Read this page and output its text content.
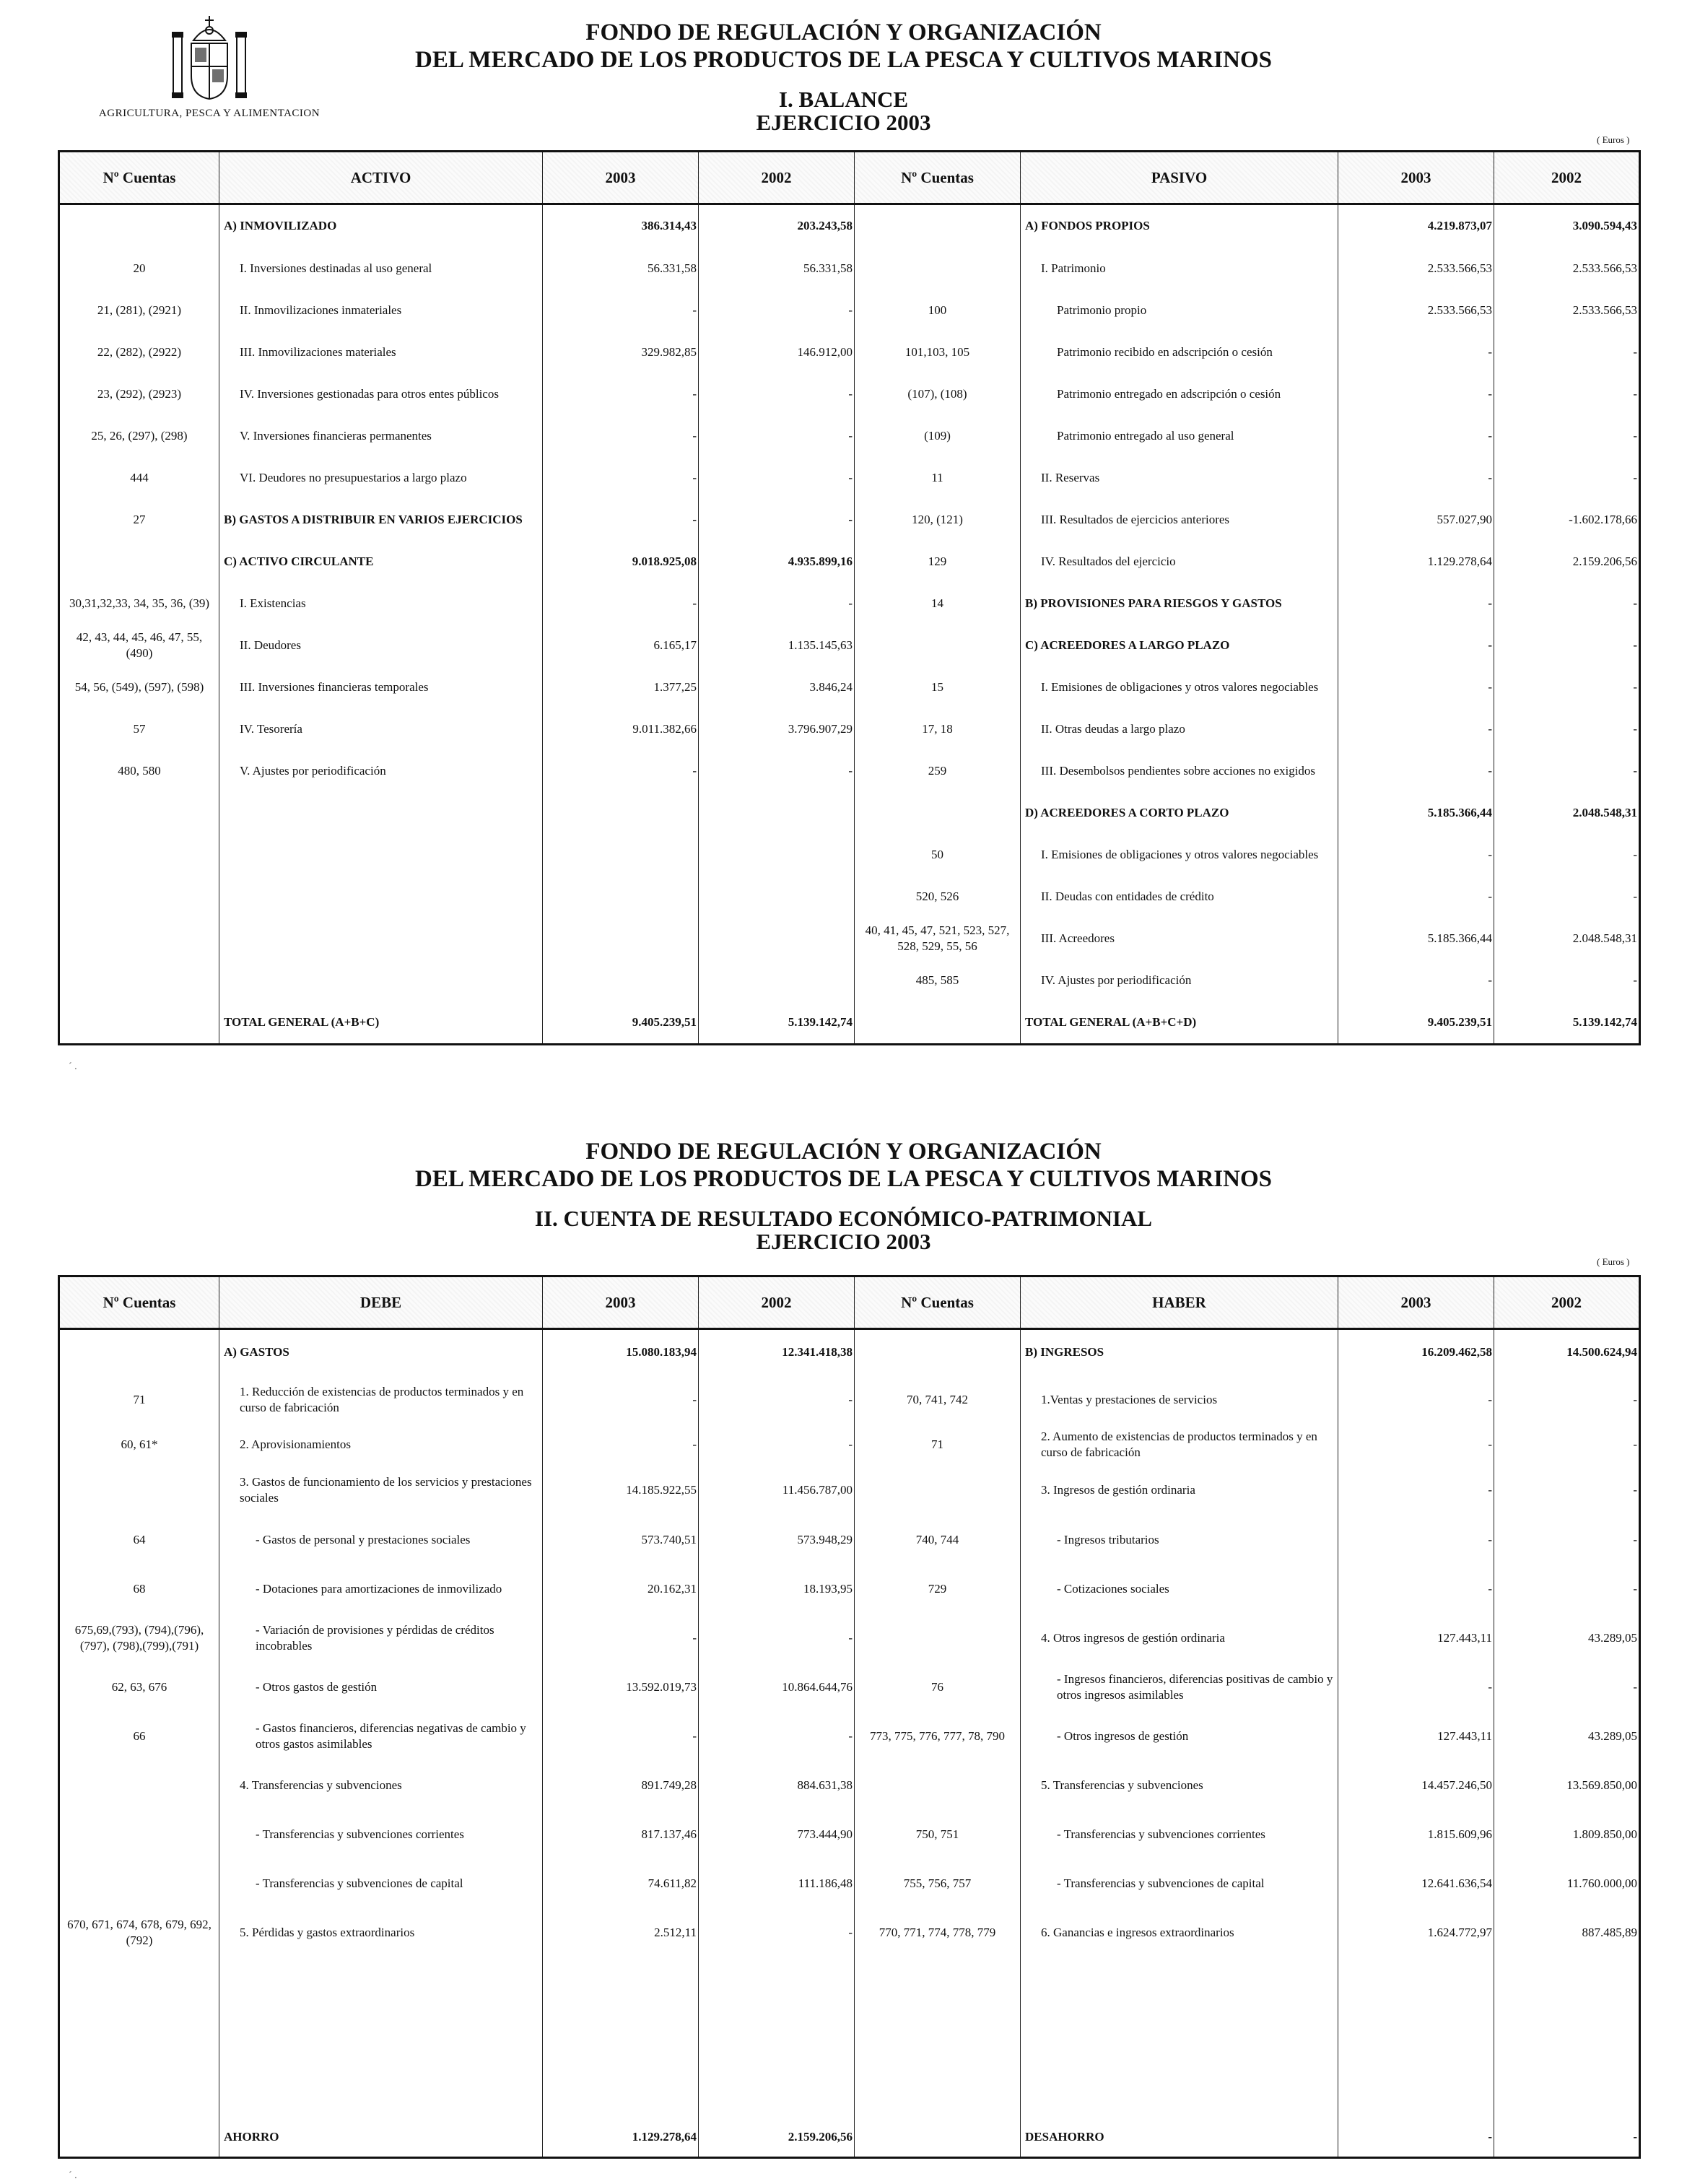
AGRICULTURA, PESCA Y ALIMENTACION
FONDO DE REGULACIÓN Y ORGANIZACIÓN
DEL MERCADO DE LOS PRODUCTOS DE LA PESCA Y CULTIVOS MARINOS
I. BALANCE
EJERCICIO 2003
( Euros )
Nº Cuentas	ACTIVO	2003	2002	Nº Cuentas	PASIVO	2003	2002
	A) INMOVILIZADO	386.314,43	203.243,58		A) FONDOS PROPIOS	4.219.873,07	3.090.594,43
20	I. Inversiones destinadas al uso general	56.331,58	56.331,58		I. Patrimonio	2.533.566,53	2.533.566,53
21, (281), (2921)	II. Inmovilizaciones inmateriales	-	-	100	Patrimonio propio	2.533.566,53	2.533.566,53
22, (282), (2922)	III. Inmovilizaciones materiales	329.982,85	146.912,00	101,103, 105	Patrimonio recibido en adscripción o cesión	-	-
23, (292), (2923)	IV. Inversiones gestionadas para otros entes públicos	-	-	(107), (108)	Patrimonio entregado en adscripción o cesión	-	-
25, 26, (297), (298)	V. Inversiones financieras permanentes	-	-	(109)	Patrimonio entregado al uso general	-	-
444	VI. Deudores no presupuestarios a largo plazo	-	-	11	II. Reservas	-	-
27	B) GASTOS A DISTRIBUIR EN VARIOS EJERCICIOS	-	-	120, (121)	III. Resultados de ejercicios anteriores	557.027,90	-1.602.178,66
	C) ACTIVO CIRCULANTE	9.018.925,08	4.935.899,16	129	IV. Resultados del ejercicio	1.129.278,64	2.159.206,56
30,31,32,33, 34, 35, 36, (39)	I. Existencias	-	-	14	B) PROVISIONES PARA RIESGOS Y GASTOS	-	-
42, 43, 44, 45, 46, 47, 55, (490)	II. Deudores	6.165,17	1.135.145,63		C) ACREEDORES A LARGO PLAZO	-	-
54, 56, (549), (597), (598)	III. Inversiones financieras temporales	1.377,25	3.846,24	15	I. Emisiones de obligaciones y otros valores negociables	-	-
57	IV. Tesorería	9.011.382,66	3.796.907,29	17, 18	II. Otras deudas a largo plazo	-	-
480, 580	V. Ajustes por periodificación	-	-	259	III. Desembolsos pendientes sobre acciones no exigidos	-	-
					D) ACREEDORES A CORTO PLAZO	5.185.366,44	2.048.548,31
				50	I. Emisiones de obligaciones y otros valores negociables	-	-
				520, 526	II. Deudas con entidades de crédito	-	-
				40, 41, 45, 47, 521, 523, 527, 528, 529, 55, 56	III. Acreedores	5.185.366,44	2.048.548,31
				485, 585	IV. Ajustes por periodificación	-	-
	TOTAL GENERAL (A+B+C)	9.405.239,51	5.139.142,74		TOTAL GENERAL (A+B+C+D)	9.405.239,51	5.139.142,74
ˊ .
FONDO DE REGULACIÓN Y ORGANIZACIÓN
DEL MERCADO DE LOS PRODUCTOS DE LA PESCA Y CULTIVOS MARINOS
II. CUENTA DE RESULTADO ECONÓMICO-PATRIMONIAL
EJERCICIO 2003
( Euros )
Nº Cuentas	DEBE	2003	2002	Nº Cuentas	HABER	2003	2002
	A) GASTOS	15.080.183,94	12.341.418,38		B) INGRESOS	16.209.462,58	14.500.624,94
71	1. Reducción de existencias de productos terminados y en curso de fabricación	-	-	70, 741, 742	1.Ventas y prestaciones de servicios	-	-
60, 61*	2. Aprovisionamientos	-	-	71	2. Aumento de existencias de productos terminados y en curso de fabricación	-	-
	3. Gastos de funcionamiento de los servicios y prestaciones sociales	14.185.922,55	11.456.787,00		3. Ingresos de gestión ordinaria	-	-
64	- Gastos de personal y prestaciones sociales	573.740,51	573.948,29	740, 744	- Ingresos tributarios	-	-
68	- Dotaciones para amortizaciones de inmovilizado	20.162,31	18.193,95	729	- Cotizaciones sociales	-	-
675,69,(793), (794),(796),(797), (798),(799),(791)	- Variación de provisiones y pérdidas de créditos incobrables	-	-		4. Otros ingresos de gestión ordinaria	127.443,11	43.289,05
62, 63, 676	- Otros gastos de gestión	13.592.019,73	10.864.644,76	76	- Ingresos financieros, diferencias positivas de cambio y otros ingresos asimilables	-	-
66	- Gastos financieros, diferencias negativas de cambio y otros gastos asimilables	-	-	773, 775, 776, 777, 78, 790	- Otros ingresos de gestión	127.443,11	43.289,05
	4. Transferencias y subvenciones	891.749,28	884.631,38		5. Transferencias y subvenciones	14.457.246,50	13.569.850,00
	- Transferencias y subvenciones corrientes	817.137,46	773.444,90	750, 751	- Transferencias y subvenciones corrientes	1.815.609,96	1.809.850,00
	- Transferencias y subvenciones de capital	74.611,82	111.186,48	755, 756, 757	- Transferencias y subvenciones de capital	12.641.636,54	11.760.000,00
670, 671, 674, 678, 679, 692, (792)	5. Pérdidas y gastos extraordinarios	2.512,11	-	770, 771, 774, 778, 779	6. Ganancias e ingresos extraordinarios	1.624.772,97	887.485,89
	AHORRO	1.129.278,64	2.159.206,56		DESAHORRO	-	-
ˊ .
